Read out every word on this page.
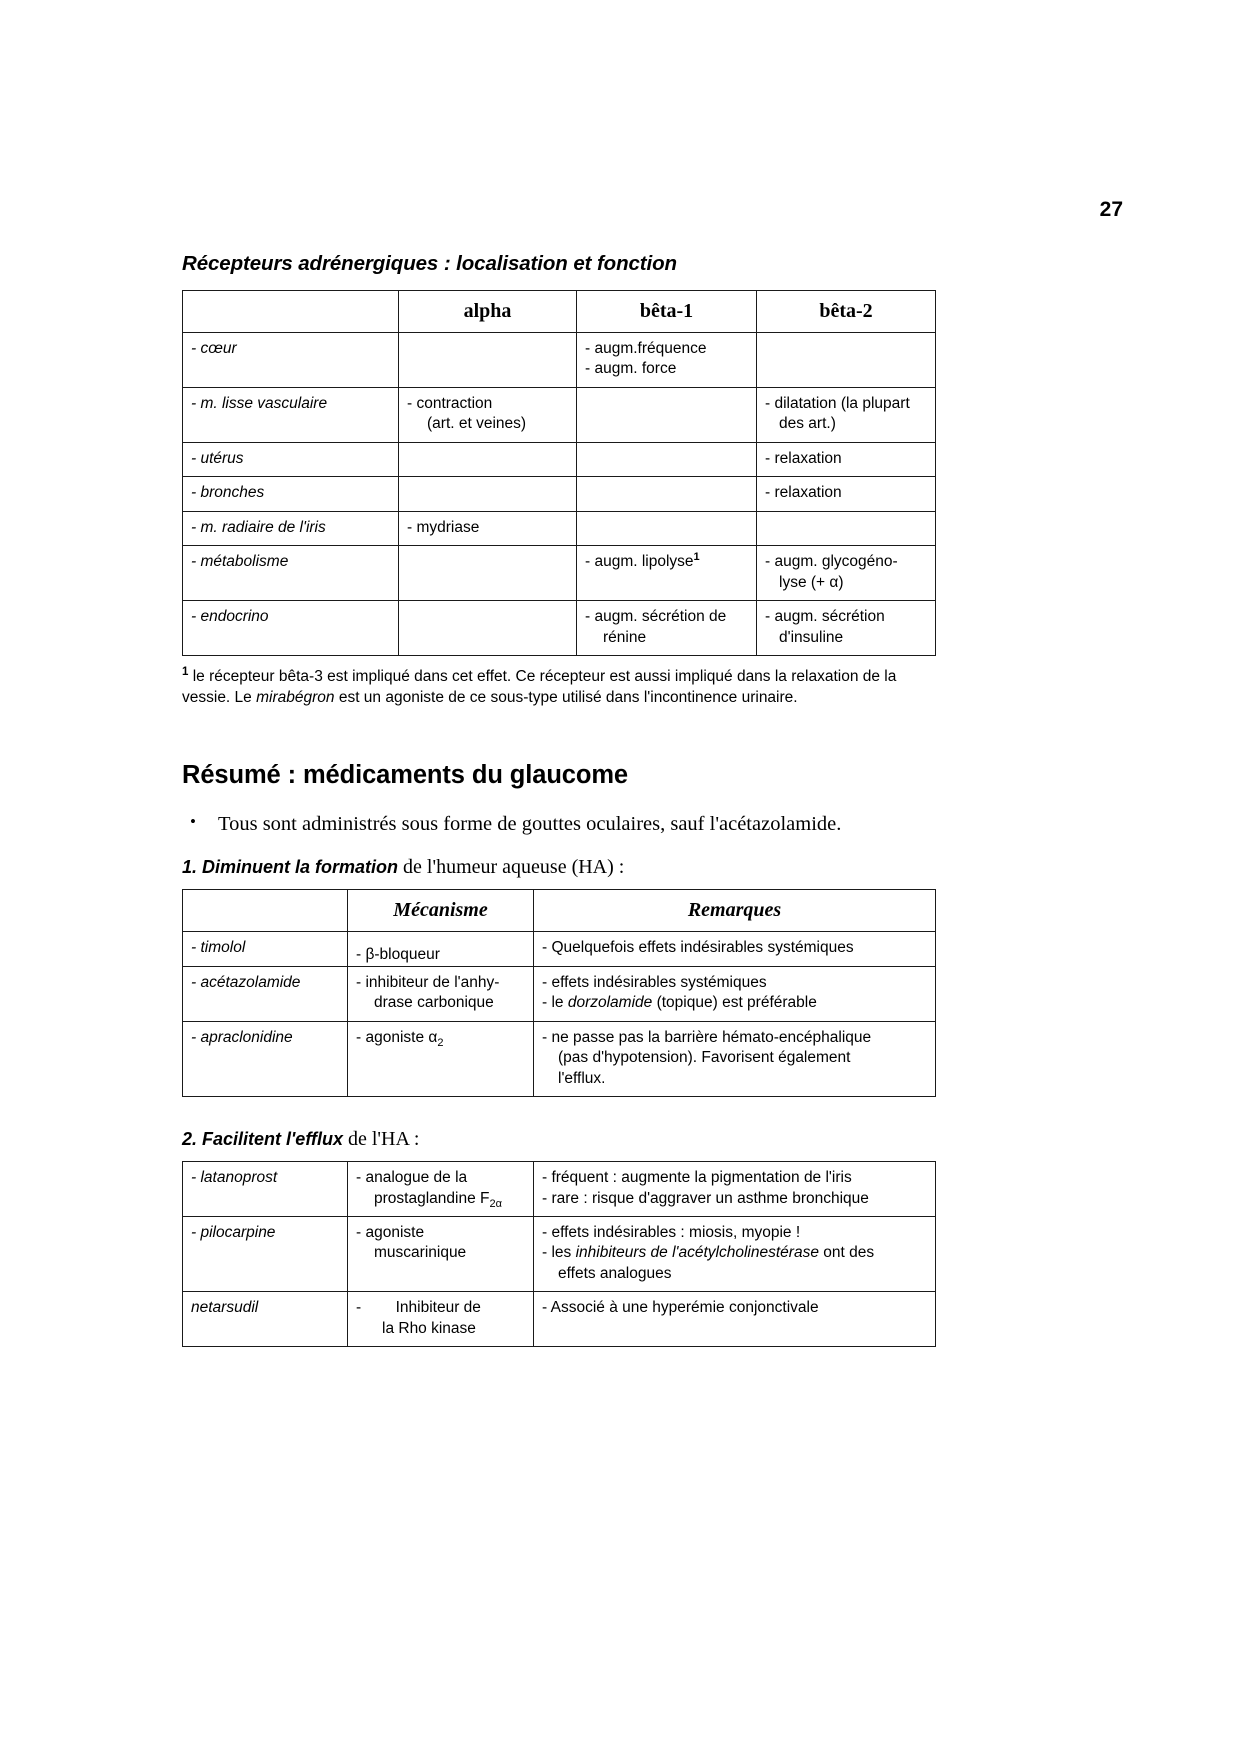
27
Récepteurs adrénergiques : localisation et fonction
	alpha	bêta-1	bêta-2
- cœur		- augm.fréquence
- augm. force	

- m. lisse vasculaire	- contraction
(art. et veines)		- dilatation (la plupart
des art.)

- utérus			- relaxation
- bronches			- relaxation
- m. radiaire de l'iris	- mydriase		
- métabolisme		- augm. lipolyse$^1$	- augm. glycogéno-
lyse (+ α)

- endocrino		- augm. sécrétion de
rénine	- augm. sécrétion
d'insuline
$^1$ le récepteur bêta-3 est impliqué dans cet effet. Ce récepteur est aussi impliqué dans la relaxation de la vessie. Le mirabégron est un agoniste de ce sous-type utilisé dans l'incontinence urinaire.
Résumé : médicaments du glaucome
• Tous sont administrés sous forme de gouttes oculaires, sauf l'acétazolamide.
1. Diminuent la formation de l'humeur aqueuse (HA) :
	Mécanisme	Remarques
- timolol	- β-bloqueur	- Quelquefois effets indésirables systémiques
- acétazolamide	- inhibiteur de l'anhy-
drase carbonique	- effets indésirables systémiques
- le dorzolamide (topique) est préférable

- apraclonidine	- agoniste $\alpha_2$	- ne passe pas la barrière hémato-encéphalique
(pas d'hypotension). Favorisent également
l'efflux.
2. Facilitent l'efflux de l'HA :
- latanoprost	- analogue de la
prostaglandine $F_{2\alpha}$	- fréquent : augmente la pigmentation de l'iris
- rare : risque d'aggraver un asthme bronchique

- pilocarpine	- agoniste
muscarinique	- effets indésirables : miosis, myopie !
- les inhibiteurs de l'acétylcholinestérase ont des
effets analogues

netarsudil	-        Inhibiteur de
la Rho kinase	- Associé à une hyperémie conjonctivale
